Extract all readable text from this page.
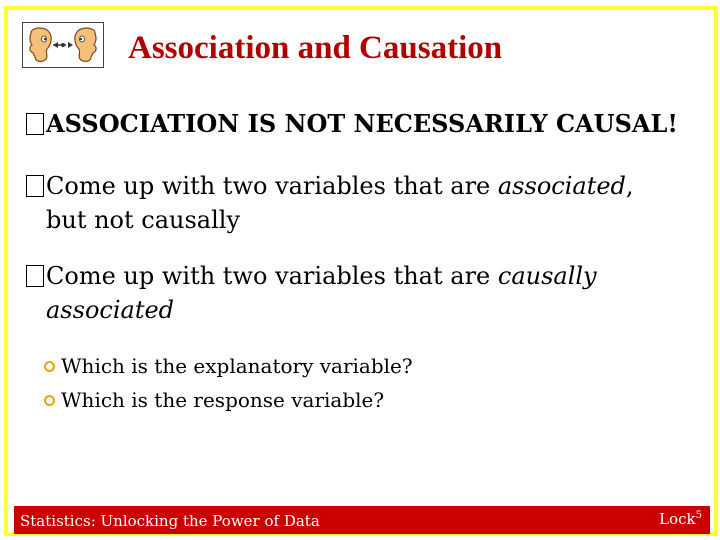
Association and Causation
ASSOCIATION IS NOT NECESSARILY CAUSAL!
Come up with two variables that are associated,
but not causally
Come up with two variables that are causally
associated
Which is the explanatory variable?
Which is the response variable?
Statistics: Unlocking the Power of Data	Lock$^5$
